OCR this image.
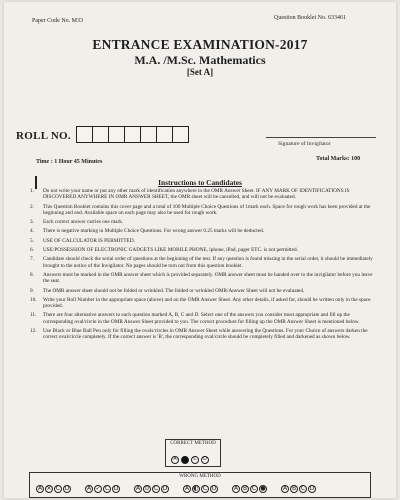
Paper Code No. M33	Question Booklet No. 633461
ENTRANCE EXAMINATION-2017
M.A. /M.Sc. Mathematics
[Set A]
ROLL NO.
Signature of Invigilator
Time : 1 Hour 45 Minutes	Total Marks: 100
Instructions to Candidates
1.	Do not write your name or put any other mark of identification anywhere in the OMR Answer Sheet. IF ANY MARK OF IDENTIFICATIONS IS DISCOVERED ANYWHERE IN OMR ANSWER SHEET, the OMR sheet will be cancelled, and will not be evaluated.
2.	This Question Booklet contains this cover page and a total of 100 Multiple Choice Questions of 1mark each. Space for rough work has been provided at the beginning and end. Available space on each page may also be used for rough work.
3.	Each correct answer carries one mark.
4.	There is negative marking in Multiple Choice Questions. For wrong answer 0.25 marks will be deducted.
5.	USE OF CALCULATOR IS PERMITTED.
6.	USE/POSSESSION OF ELECTRONIC GADGETS LIKE MOBILE PHONE, iphone, iPad, pager ETC. is not permitted.
7.	Candidate should check the serial order of questions at the beginning of the test. If any question is found missing in the serial order, it should be immediately brought to the notice of the Invigilator. No pages should be torn out from this question booklet.
8.	Answers must be marked in the OMR answer sheet which is provided separately. OMR answer sheet must be handed over to the invigilator before you leave the seat.
9.	The OMR answer sheet should not be folded or wrinkled. The folded or wrinkled OMR/Answer Sheet will not be evaluated.
10.	Write your Roll Number in the appropriate space (above) and on the OMR Answer Sheet. Any other details, if asked for, should be written only in the space provided.
11.	There are four alternative answers to each question marked A, B, C and D. Select one of the answers you consider most appropriate and fill up the corresponding oval/circle in the OMR Answer Sheet provided to you. The correct procedure for filling up the OMR Answer Sheet is mentioned below.
12.	Use Black or Blue Ball Pen only for filling the ovals/circles in OMR Answer Sheet while answering the Questions. For your Choice of answers darken the correct oval/circle completely. If the correct answer is 'B', the corresponding oval/circle should be completely filled and darkened as shown below.
CORRECT METHOD
A	B	C	D
WRONG METHOD
A ✕ C D	A ✓ C D	A ⊙ C D	A ◐ C D	A B C ●	A B C D
